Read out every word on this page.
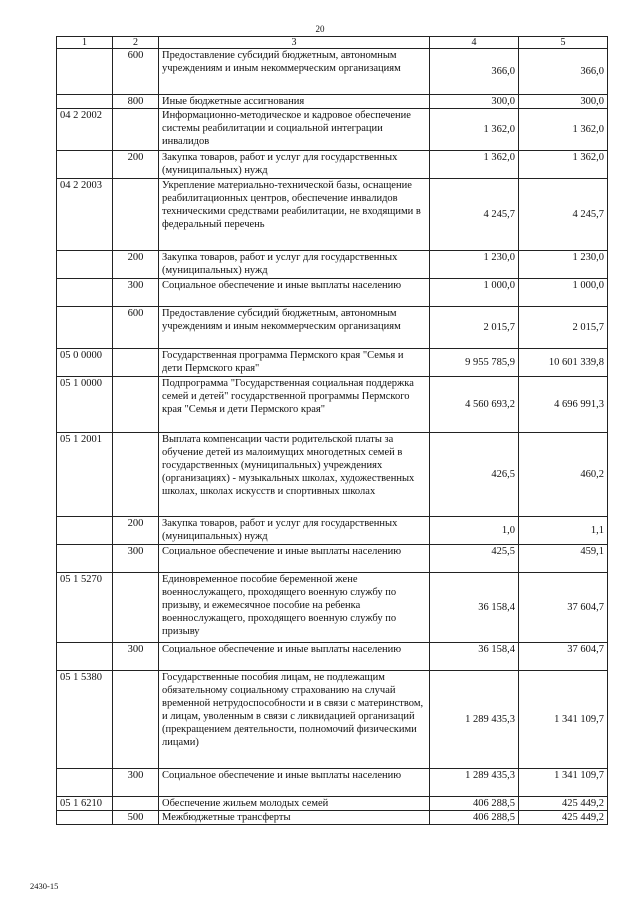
20
1	2	3	4	5
	600	Предоставление субсидий бюджетным, автономным учреждениям и иным некоммерческим организациям	366,0	366,0
	800	Иные бюджетные ассигнования	300,0	300,0
04 2 2002		Информационно-методическое и кадровое обеспечение системы реабилитации и социальной интеграции инвалидов	1 362,0	1 362,0
	200	Закупка товаров, работ и услуг для государственных (муниципальных) нужд	1 362,0	1 362,0
04 2 2003		Укрепление материально-технической базы, оснащение реабилитационных центров, обеспечение инвалидов техническими средствами реабилитации, не входящими в федеральный перечень	4 245,7	4 245,7
	200	Закупка товаров, работ и услуг для государственных (муниципальных) нужд	1 230,0	1 230,0
	300	Социальное обеспечение и иные выплаты населению	1 000,0	1 000,0
	600	Предоставление субсидий бюджетным, автономным учреждениям и иным некоммерческим организациям	2 015,7	2 015,7
05 0 0000		Государственная программа Пермского края "Семья и дети Пермского края"	9 955 785,9	10 601 339,8
05 1 0000		Подпрограмма "Государственная социальная поддержка семей и детей" государственной программы Пермского края "Семья и дети Пермского края"	4 560 693,2	4 696 991,3
05 1 2001		Выплата компенсации части родительской платы за обучение детей из малоимущих многодетных семей в государственных (муниципальных) учреждениях (организациях) - музыкальных школах, художественных школах, школах искусств и спортивных школах	426,5	460,2
	200	Закупка товаров, работ и услуг для государственных (муниципальных) нужд	1,0	1,1
	300	Социальное обеспечение и иные выплаты населению	425,5	459,1
05 1 5270		Единовременное пособие беременной жене военнослужащего, проходящего военную службу по призыву, и ежемесячное пособие на ребенка военнослужащего, проходящего военную службу по призыву	36 158,4	37 604,7
	300	Социальное обеспечение и иные выплаты населению	36 158,4	37 604,7
05 1 5380		Государственные пособия лицам, не подлежащим обязательному социальному страхованию на случай временной нетрудоспособности и в связи с материнством, и лицам, уволенным в связи с ликвидацией организаций (прекращением деятельности, полномочий физическими лицами)	1 289 435,3	1 341 109,7
	300	Социальное обеспечение и иные выплаты населению	1 289 435,3	1 341 109,7
05 1 6210		Обеспечение жильем молодых семей	406 288,5	425 449,2
	500	Межбюджетные трансферты	406 288,5	425 449,2
2430-15
